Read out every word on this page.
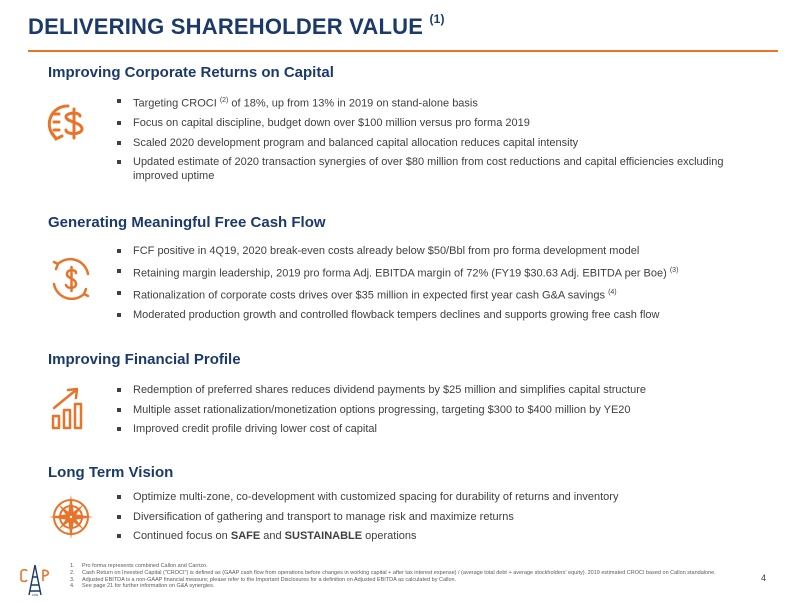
DELIVERING SHAREHOLDER VALUE $^{(1)}$
Improving Corporate Returns on Capital
Targeting CROCI $^{(2)}$ of 18%, up from 13% in 2019 on stand-alone basis
Focus on capital discipline, budget down over $100 million versus pro forma 2019
Scaled 2020 development program and balanced capital allocation reduces capital intensity
Updated estimate of 2020 transaction synergies of over $80 million from cost reductions and capital efficiencies excluding improved uptime
Generating Meaningful Free Cash Flow
FCF positive in 4Q19, 2020 break-even costs already below $50/Bbl from pro forma development model
Retaining margin leadership, 2019 pro forma Adj. EBITDA margin of 72% (FY19 $30.63 Adj. EBITDA per Boe) $^{(3)}$
Rationalization of corporate costs drives over $35 million in expected first year cash G&A savings $^{(4)}$
Moderated production growth and controlled flowback tempers declines and supports growing free cash flow
Improving Financial Profile
Redemption of preferred shares reduces dividend payments by $25 million and simplifies capital structure
Multiple asset rationalization/monetization options progressing, targeting $300 to $400 million by YE20
Improved credit profile driving lower cost of capital
Long Term Vision
Optimize multi-zone, co-development with customized spacing for durability of returns and inventory
Diversification of gathering and transport to manage risk and maximize returns
Continued focus on SAFE and SUSTAINABLE operations
CPE
1. Pro forma represents combined Callon and Carrizo.
2. Cash Return on Invested Capital ("CROCI") is defined as (GAAP cash flow from operations before changes in working capital + after tax interest expense) / (average total debt + average stockholders' equity). 2019 estimated CROCI based on Callon standalone.
3. Adjusted EBITDA is a non-GAAP financial measure; please refer to the Important Disclosures for a definition on Adjusted EBITDA as calculated by Callon.
4. See page 21 for further information on G&A synergies.
4
